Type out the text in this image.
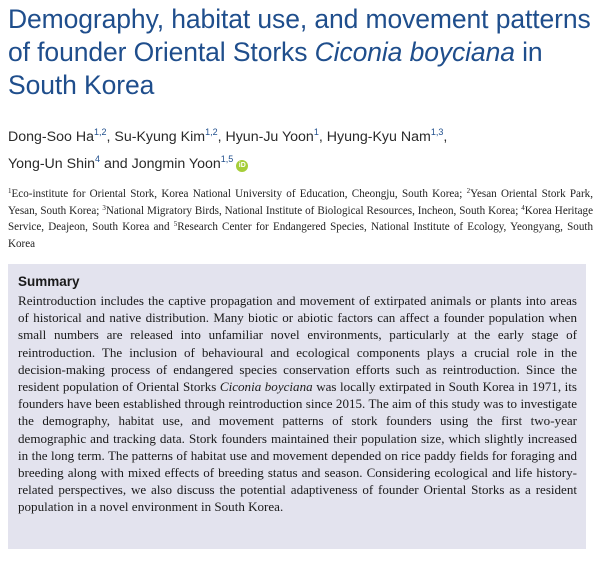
Demography, habitat use, and movement patterns of founder Oriental Storks Ciconia boyciana in South Korea
Dong-Soo Ha$^{1,2}$, Su-Kyung Kim$^{1,2}$, Hyun-Ju Yoon$^1$, Hyung-Kyu Nam$^{1,3}$,
Yong-Un Shin$^4$ and Jongmin Yoon$^{1,5}$iD
$^1$Eco-institute for Oriental Stork, Korea National University of Education, Cheongju, South Korea; $^2$Yesan Oriental Stork Park, Yesan, South Korea; $^3$National Migratory Birds, National Institute of Biological Resources, Incheon, South Korea; $^4$Korea Heritage Service, Deajeon, South Korea and $^5$Research Center for Endangered Species, National Institute of Ecology, Yeongyang, South Korea
Summary
Reintroduction includes the captive propagation and movement of extirpated animals or plants into areas of historical and native distribution. Many biotic or abiotic factors can affect a founder population when small numbers are released into unfamiliar novel environments, particularly at the early stage of reintroduction. The inclusion of behavioural and ecological components plays a crucial role in the decision-making process of endangered species conservation efforts such as reintroduction. Since the resident population of Oriental Storks Ciconia boyciana was locally extirpated in South Korea in 1971, its founders have been established through reintroduction since 2015. The aim of this study was to investigate the demography, habitat use, and movement patterns of stork founders using the first two-year demographic and tracking data. Stork founders maintained their population size, which slightly increased in the long term. The patterns of habitat use and movement depended on rice paddy fields for foraging and breeding along with mixed effects of breeding status and season. Considering ecological and life history-related perspectives, we also discuss the potential adaptiveness of founder Oriental Storks as a resident population in a novel environment in South Korea.
